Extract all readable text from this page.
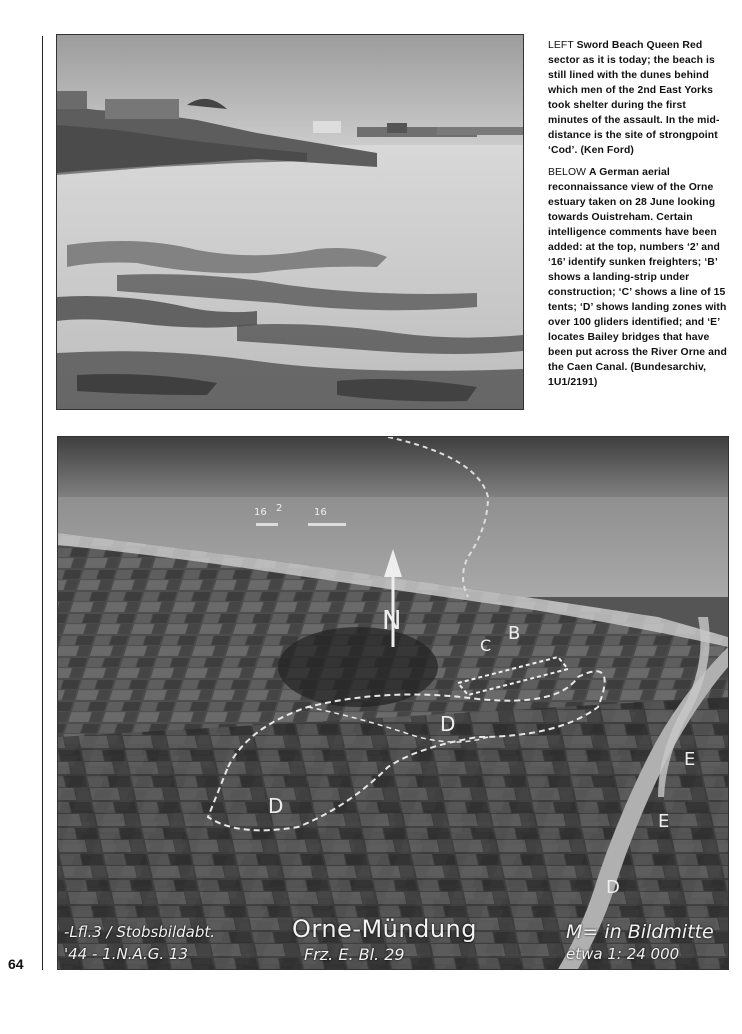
64

LEFT Sword Beach Queen Red sector as it is today; the beach is still lined with the dunes behind which men of the 2nd East Yorks took shelter during the first minutes of the assault. In the mid-distance is the site of strongpoint ‘Cod’. (Ken Ford)

BELOW A German aerial reconnaissance view of the Orne estuary taken on 28 June looking towards Ouistreham. Certain intelligence comments have been added: at the top, numbers ‘2’ and ‘16’ identify sunken freighters; ‘B’ shows a landing-strip under construction; ‘C’ shows a line of 15 tents; ‘D’ shows landing zones with over 100 gliders identified; and ‘E’ locates Bailey bridges that have been put across the River Orne and the Caen Canal. (Bundesarchiv, 1U1/2191)

N
16 2	16
B
C
D
D
D
E
E
-Lfl.3 / Stobsbildabt.
'44 - 1.N.A.G. 13
Orne-Mündung
Frz. E. Bl. 29
M= in Bildmitte
etwa 1: 24 000
